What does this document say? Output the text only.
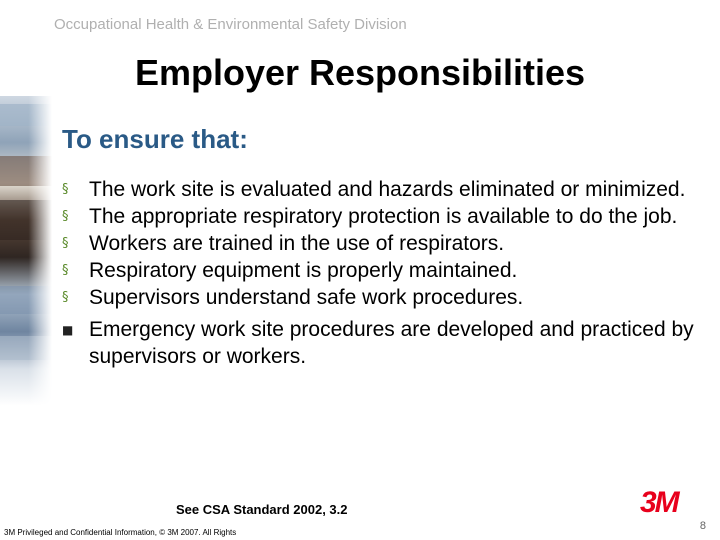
Occupational Health & Environmental Safety Division
Employer Responsibilities
To ensure that:
§ The work site is evaluated and hazards eliminated or minimized.
§ The appropriate respiratory protection is available to do the job.
§ Workers are trained in the use of respirators.
§ Respiratory equipment is properly maintained.
§ Supervisors understand safe work procedures.
■ Emergency work site procedures are developed and practiced by supervisors or workers.
See CSA Standard 2002, 3.2
3M Privileged and Confidential Information, © 3M 2007. All Rights
3M
8
